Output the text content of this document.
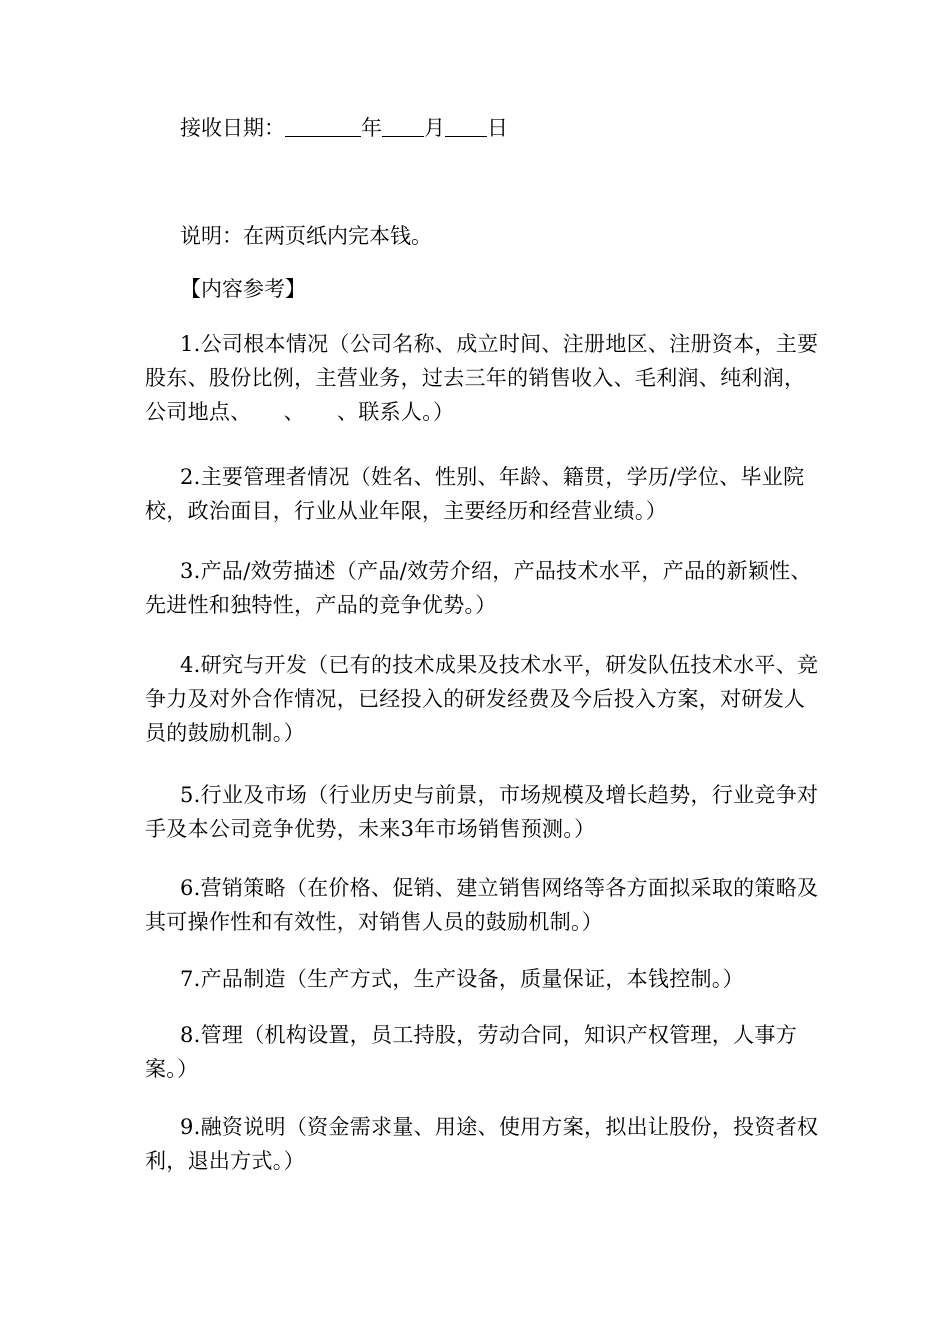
接收日期：	年 月 日
说明：在两页纸内完本钱。
【内容参考】
1.公司根本情况（公司名称、成立时间、注册地区、注册资本，主要股东、股份比例，主营业务，过去三年的销售收入、毛利润、纯利润，公司地点、　　、　　、联系人。）
2.主要管理者情况（姓名、性别、年龄、籍贯，学历/学位、毕业院校，政治面目，行业从业年限，主要经历和经营业绩。）
3.产品/效劳描述（产品/效劳介绍，产品技术水平，产品的新颖性、先进性和独特性，产品的竞争优势。）
4.研究与开发（已有的技术成果及技术水平，研发队伍技术水平、竞争力及对外合作情况，已经投入的研发经费及今后投入方案，对研发人员的鼓励机制。）
5.行业及市场（行业历史与前景，市场规模及增长趋势，行业竞争对手及本公司竞争优势，未来3年市场销售预测。）
6.营销策略（在价格、促销、建立销售网络等各方面拟采取的策略及其可操作性和有效性，对销售人员的鼓励机制。）
7.产品制造（生产方式，生产设备，质量保证，本钱控制。）
8.管理（机构设置，员工持股，劳动合同，知识产权管理，人事方案。）
9.融资说明（资金需求量、用途、使用方案，拟出让股份，投资者权利，退出方式。）
